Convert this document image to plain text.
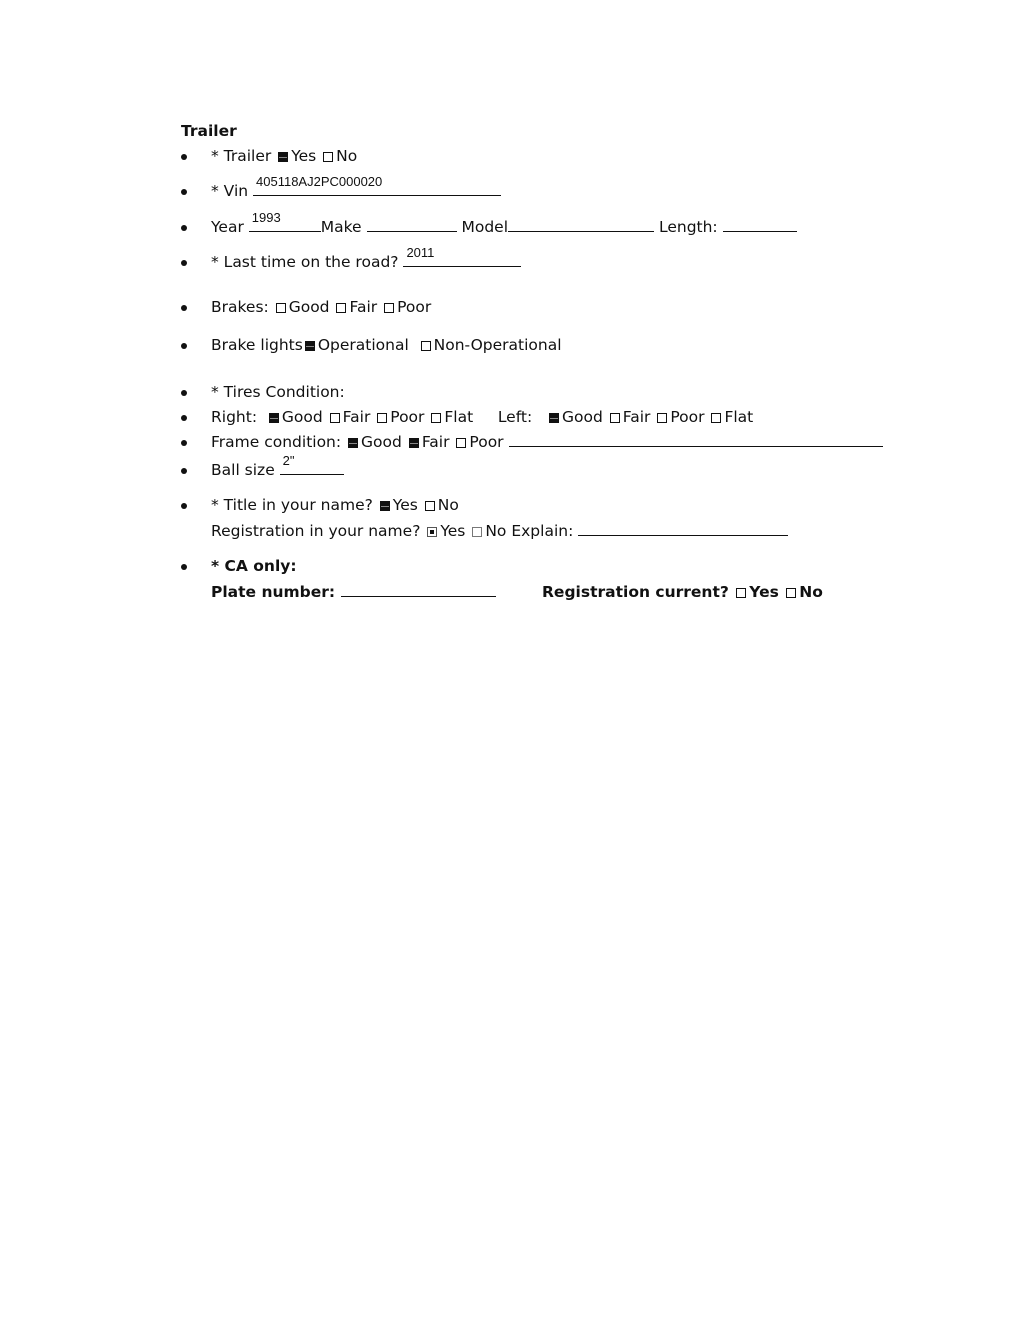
Trailer
* Trailer Yes No
* Vin
405118AJ2PC000020
Year
1993
Make	Model	Length:
* Last time on the road?
2011
Brakes: Good Fair Poor
Brake lights Operational Non-Operational
* Tires Condition:
Right: Good Fair Poor Flat Left: Good Fair Poor Flat
Frame condition: Good Fair Poor
Ball size
2"
* Title in your name? Yes No
Registration in your name? Yes No Explain:
* CA only:
Plate number:	Registration current? Yes No
